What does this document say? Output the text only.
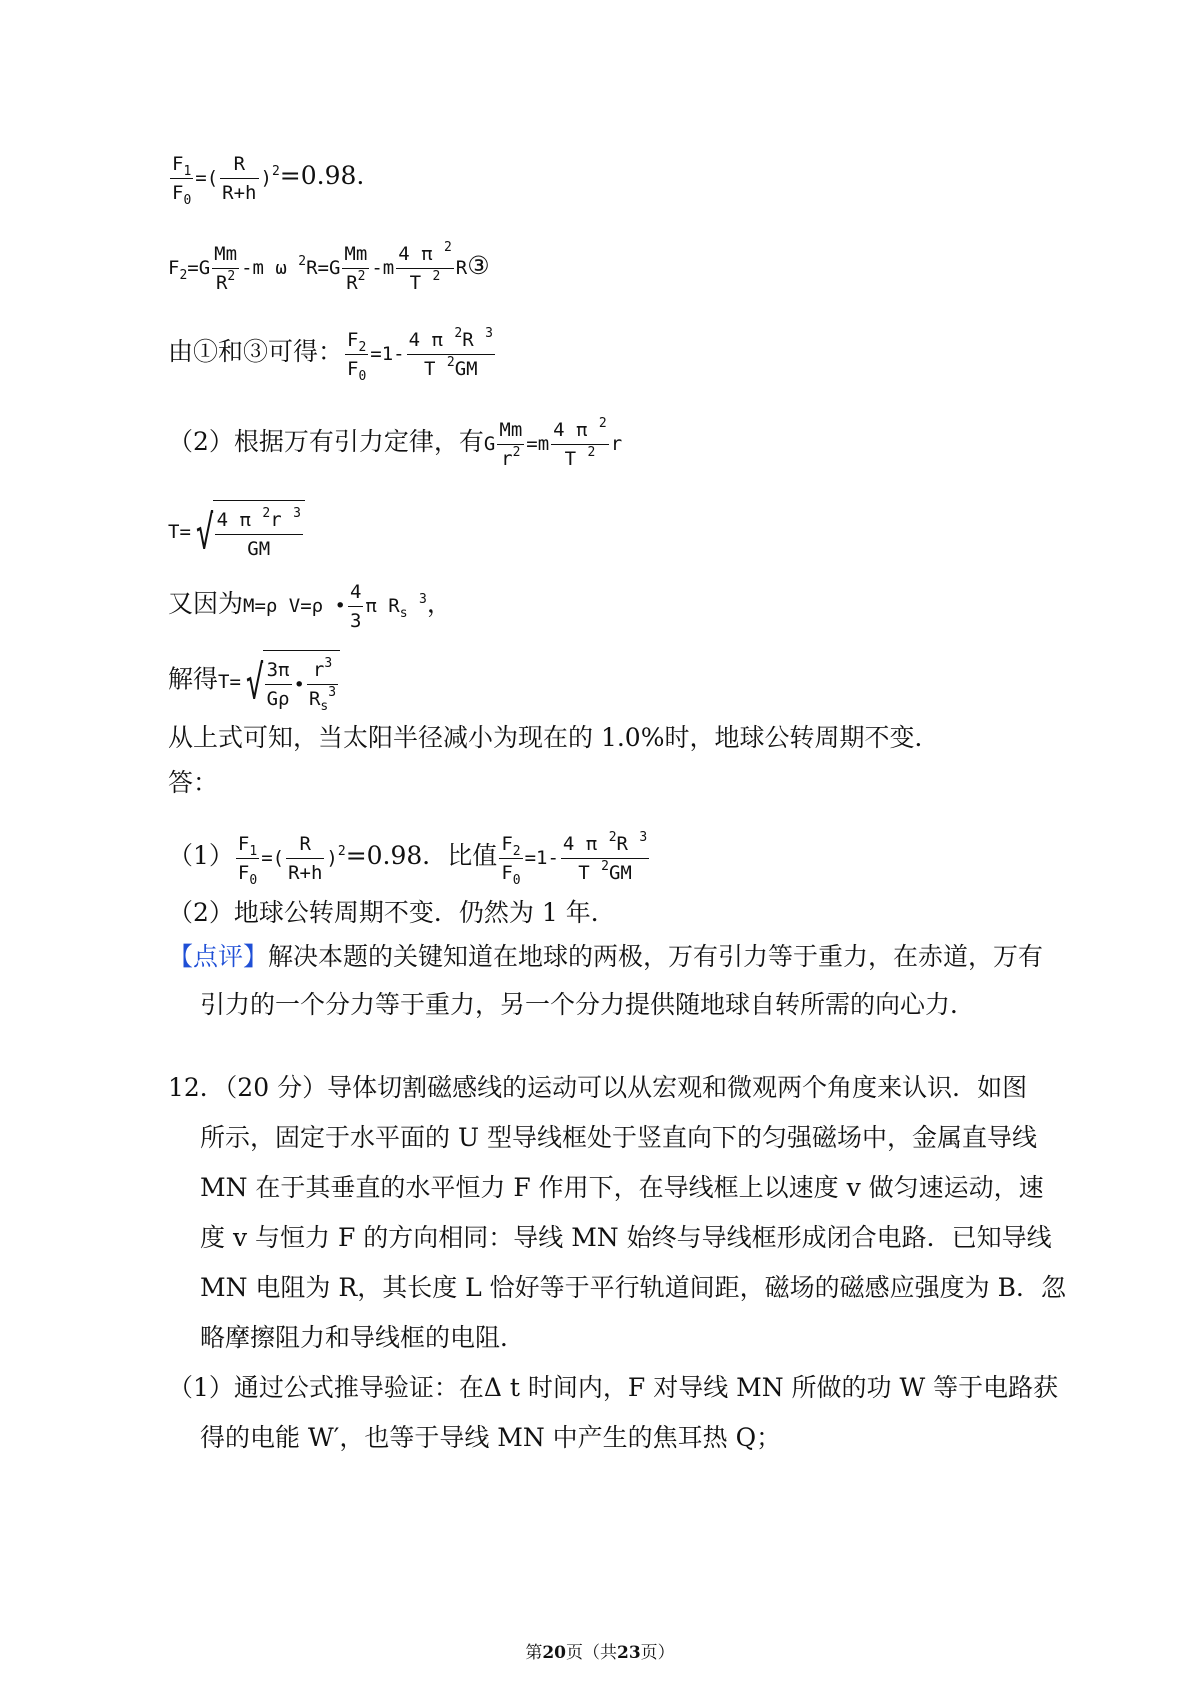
$\frac{F_1}{F_0}$ =( $\frac{R}{R+h} )^2=0.98$.
$F_2=G \frac{Mm}{R^2} -m$ ω $^2R=G \frac{Mm}{R^2} -m \frac{4 \pi ^2}{T ^2}$ R③
由①和③可得： $\frac{F_2}{F_0} =1- \frac{4 \pi ^2R ^3}{T ^2GM}$
（2）根据万有引力定律，有G $\frac{Mm}{r^2} =m \frac{4 \pi ^2}{T ^2}$ r
T= √ $\frac{4 \pi ^2r ^3}{GM}$
又因为M=ρ V=ρ • $\frac{4}{3}$ π $R_s$ $^3$，
解得T= √ $\frac{3\pi}{G\rho}$ • $\frac{r^3}{R_s^3}$
从上式可知，当太阳半径减小为现在的 1.0%时，地球公转周期不变．
答：
$(1) \frac{F_1}{F_0}$ =( $\frac{R}{R+h} )^2=0.98$．比值 $\frac{F_2}{F_0} =1- \frac{4 \pi ^2R ^3}{T ^2GM}$
（2）地球公转周期不变．仍然为 1 年．
【点评】解决本题的关键知道在地球的两极，万有引力等于重力，在赤道，万有
引力的一个分力等于重力，另一个分力提供随地球自转所需的向心力．
12．（20 分）导体切割磁感线的运动可以从宏观和微观两个角度来认识．如图
所示，固定于水平面的 U 型导线框处于竖直向下的匀强磁场中，金属直导线
MN 在于其垂直的水平恒力 F 作用下，在导线框上以速度 v 做匀速运动，速
度 v 与恒力 F 的方向相同：导线 MN 始终与导线框形成闭合电路．已知导线
MN 电阻为 R，其长度 L 恰好等于平行轨道间距，磁场的磁感应强度为 B．忽
略摩擦阻力和导线框的电阻．
（1）通过公式推导验证：在Δ t 时间内，F 对导线 MN 所做的功 W 等于电路获
得的电能 W′，也等于导线 MN 中产生的焦耳热 Q；
第20页（共23页）
